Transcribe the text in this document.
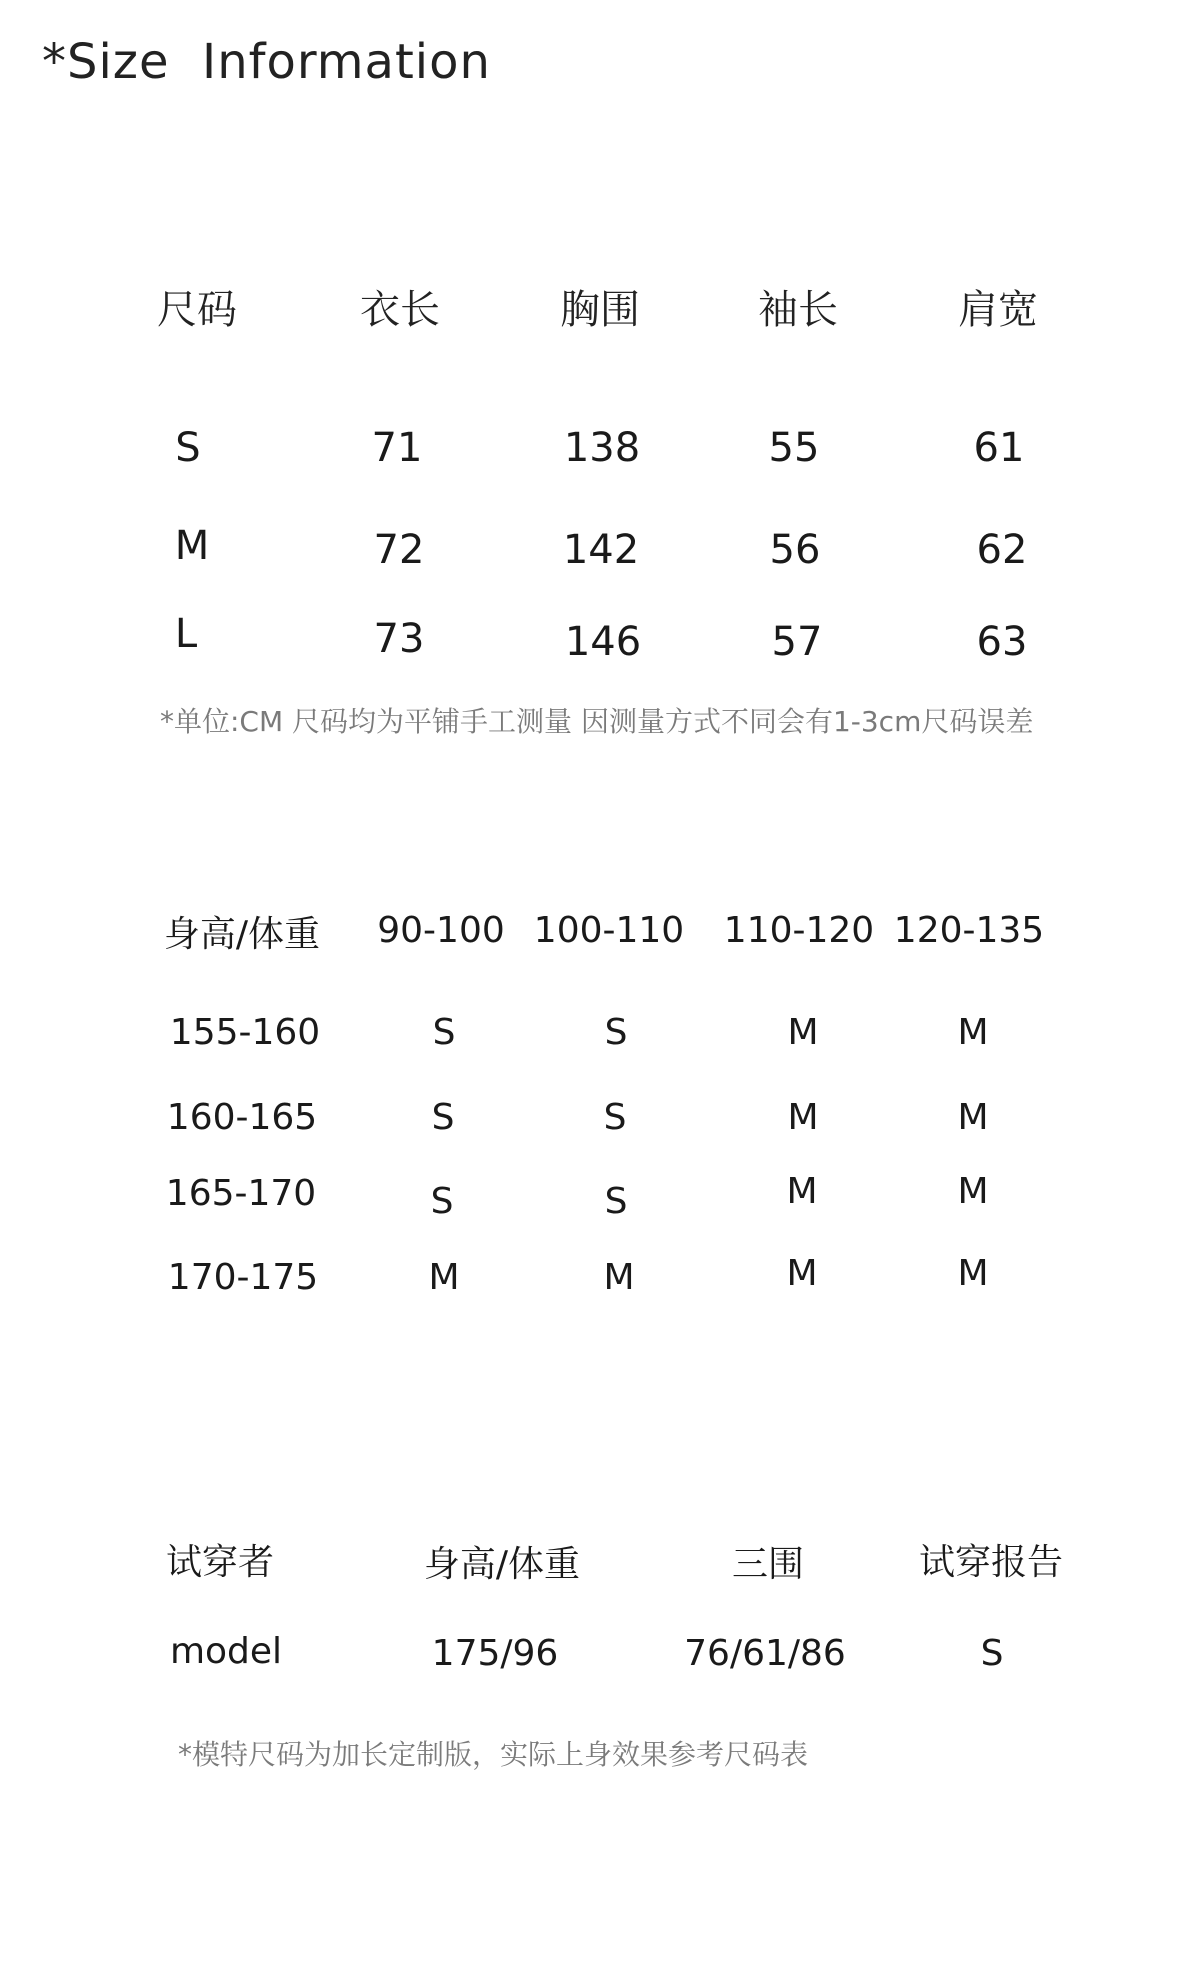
*Size  Information
尺码	衣长	胸围	袖长	肩宽
S	71	138	55	61
M	72	142	56	62
L	73	146	57	63
*单位:CM 尺码均为平铺手工测量 因测量方式不同会有1-3cm尺码误差
身高/体重 90-100 100-110 110-120 120-135
155-160	S	S	M	M
160-165	S	S	M	M
165-170	S	S	M	M
170-175	M	M	M	M
试穿者	身高/体重	三围	试穿报告
model	175/96	76/61/86	S
*模特尺码为加长定制版，实际上身效果参考尺码表
